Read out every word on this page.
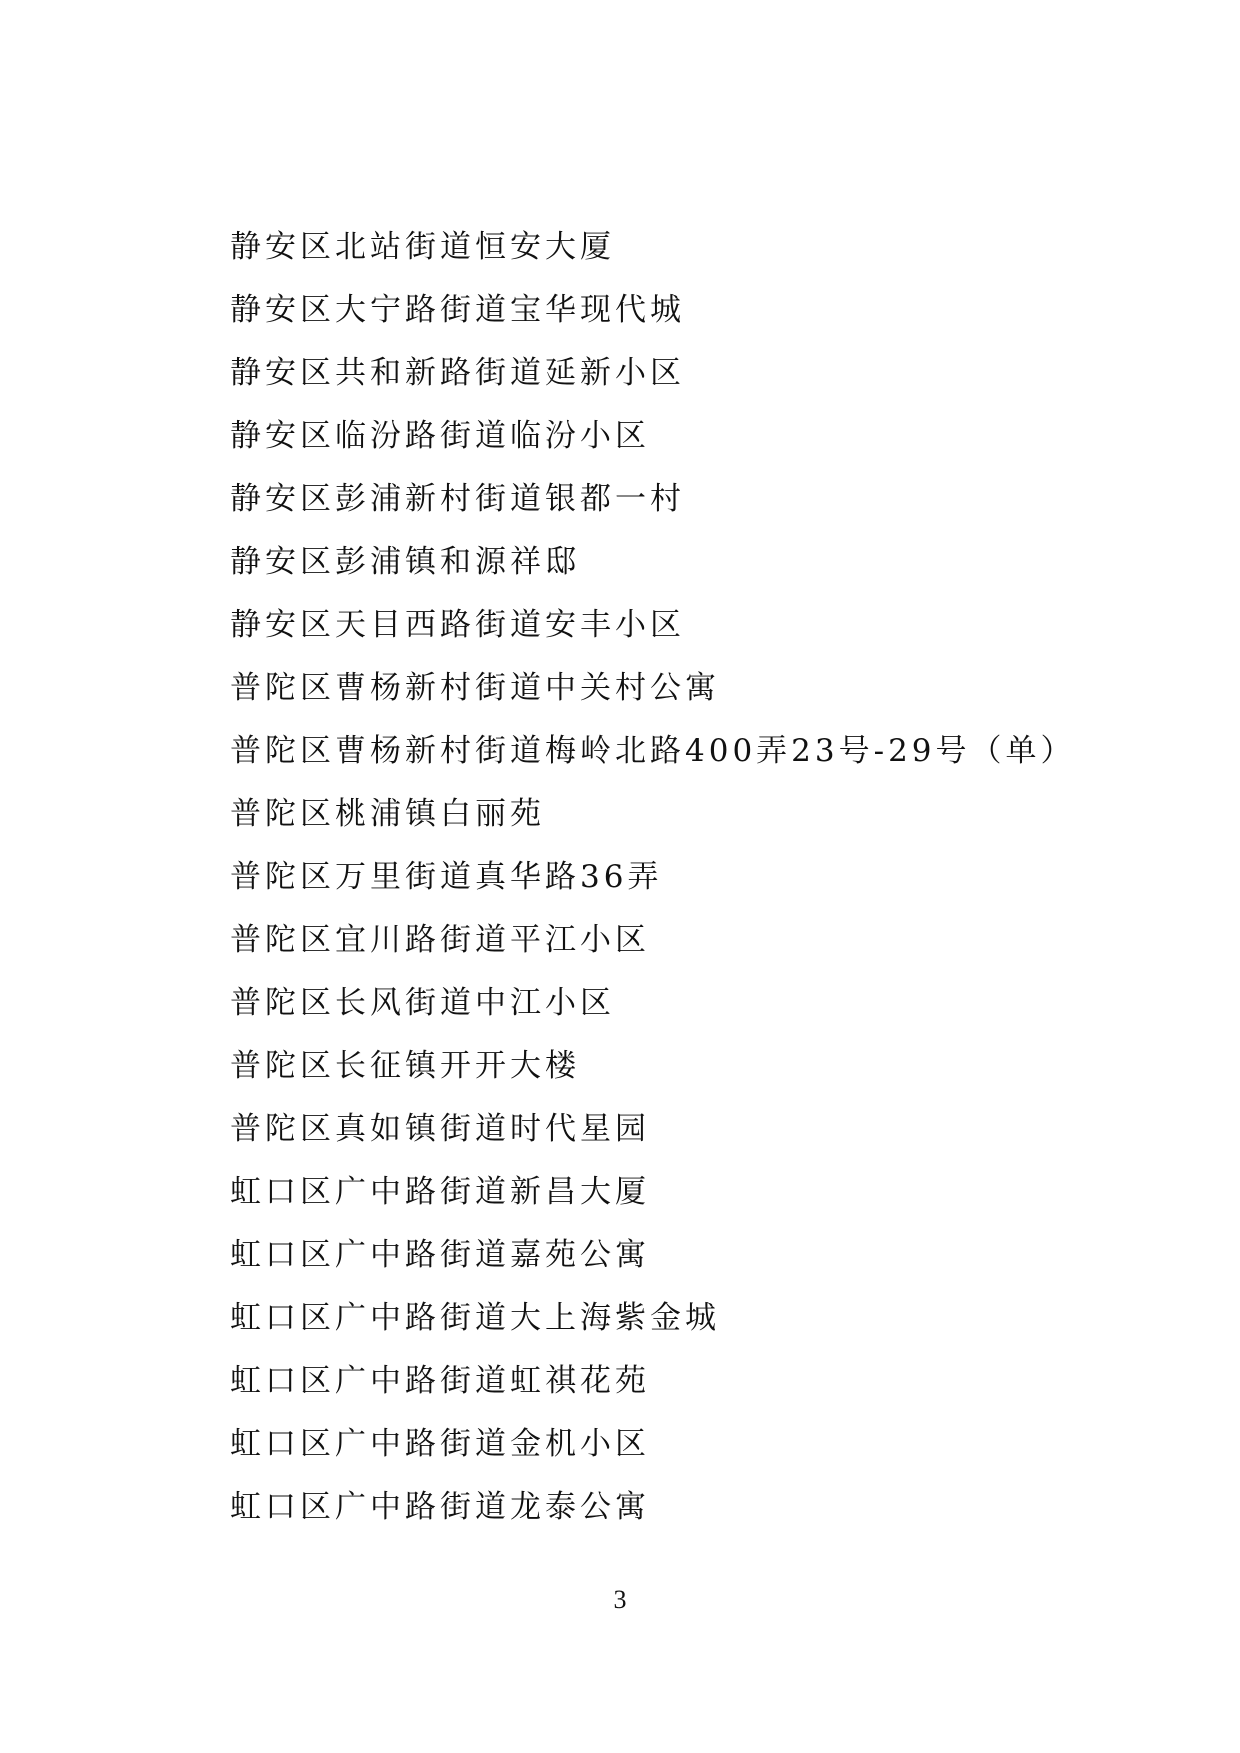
静安区北站街道恒安大厦
静安区大宁路街道宝华现代城
静安区共和新路街道延新小区
静安区临汾路街道临汾小区
静安区彭浦新村街道银都一村
静安区彭浦镇和源祥邸
静安区天目西路街道安丰小区
普陀区曹杨新村街道中关村公寓
普陀区曹杨新村街道梅岭北路400弄23号-29号（单）
普陀区桃浦镇白丽苑
普陀区万里街道真华路36弄
普陀区宜川路街道平江小区
普陀区长风街道中江小区
普陀区长征镇开开大楼
普陀区真如镇街道时代星园
虹口区广中路街道新昌大厦
虹口区广中路街道嘉苑公寓
虹口区广中路街道大上海紫金城
虹口区广中路街道虹祺花苑
虹口区广中路街道金机小区
虹口区广中路街道龙泰公寓
3
